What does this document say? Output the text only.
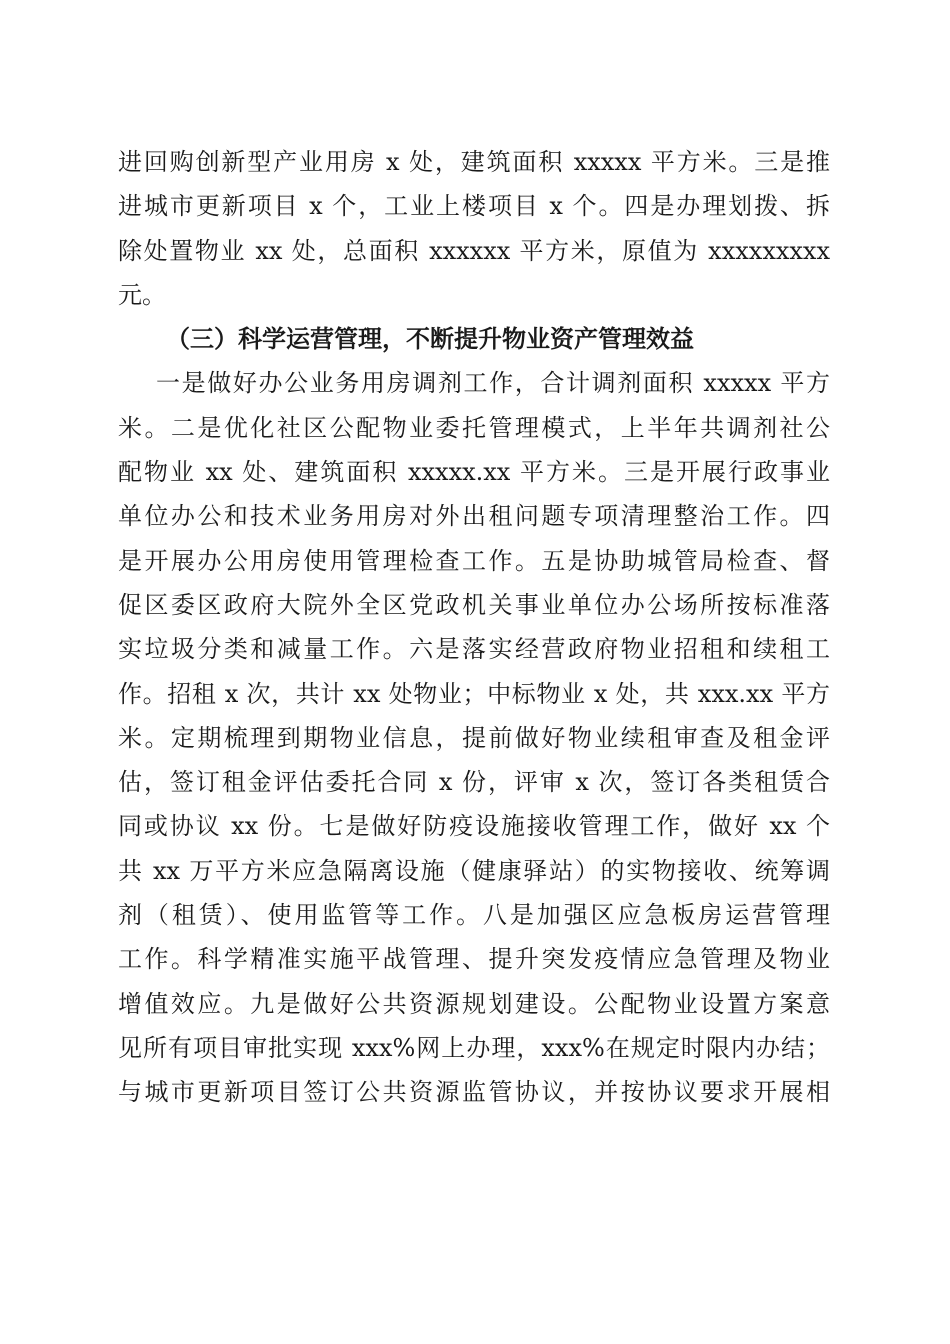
进回购创新型产业用房 x 处，建筑面积 xxxxx 平方米。三是推
进城市更新项目 x 个，工业上楼项目 x 个。四是办理划拨、拆
除处置物业 xx 处，总面积 xxxxxx 平方米，原值为 xxxxxxxxx
元。
（三）科学运营管理，不断提升物业资产管理效益
一是做好办公业务用房调剂工作，合计调剂面积 xxxxx 平方
米。二是优化社区公配物业委托管理模式，上半年共调剂社公
配物业 xx 处、建筑面积 xxxxx.xx 平方米。三是开展行政事业
单位办公和技术业务用房对外出租问题专项清理整治工作。四
是开展办公用房使用管理检查工作。五是协助城管局检查、督
促区委区政府大院外全区党政机关事业单位办公场所按标准落
实垃圾分类和减量工作。六是落实经营政府物业招租和续租工
作。招租 x 次，共计 xx 处物业；中标物业 x 处，共 xxx.xx 平方
米。定期梳理到期物业信息，提前做好物业续租审查及租金评
估，签订租金评估委托合同 x 份，评审 x 次，签订各类租赁合
同或协议 xx 份。七是做好防疫设施接收管理工作，做好 xx 个
共 xx 万平方米应急隔离设施（健康驿站）的实物接收、统筹调
剂（租赁）、使用监管等工作。八是加强区应急板房运营管理
工作。科学精准实施平战管理、提升突发疫情应急管理及物业
增值效应。九是做好公共资源规划建设。公配物业设置方案意
见所有项目审批实现 xxx%网上办理，xxx%在规定时限内办结；
与城市更新项目签订公共资源监管协议，并按协议要求开展相
